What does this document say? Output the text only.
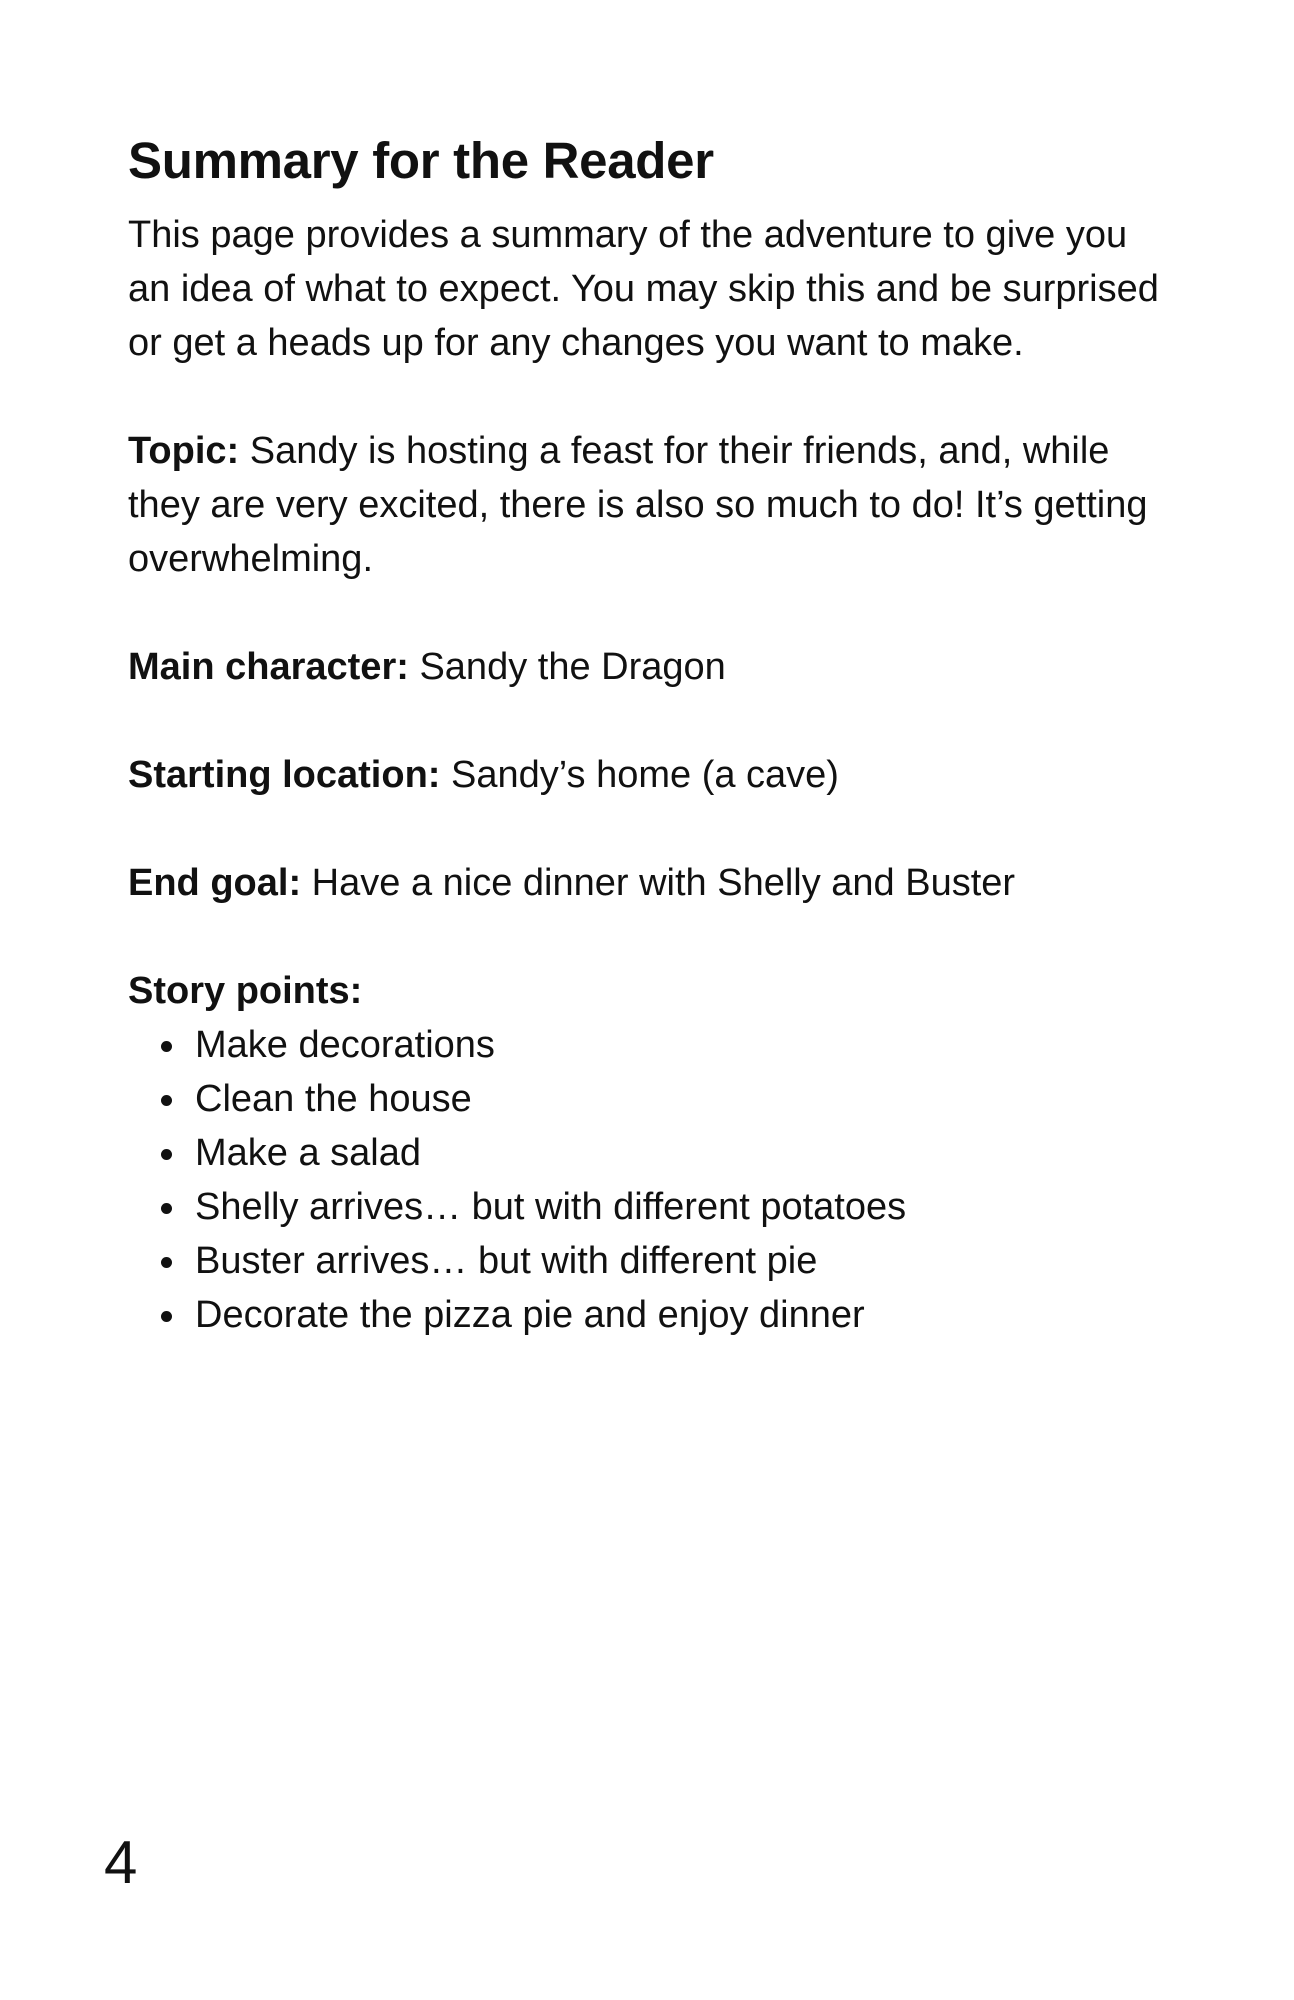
Summary for the Reader

This page provides a summary of the adventure to give you an idea of what to expect. You may skip this and be surprised or get a heads up for any changes you want to make.

Topic: Sandy is hosting a feast for their friends, and, while they are very excited, there is also so much to do! It’s getting overwhelming.

Main character: Sandy the Dragon

Starting location: Sandy’s home (a cave)

End goal: Have a nice dinner with Shelly and Buster

Story points:

Make decorations
Clean the house
Make a salad
Shelly arrives… but with different potatoes
Buster arrives… but with different pie
Decorate the pizza pie and enjoy dinner
4
